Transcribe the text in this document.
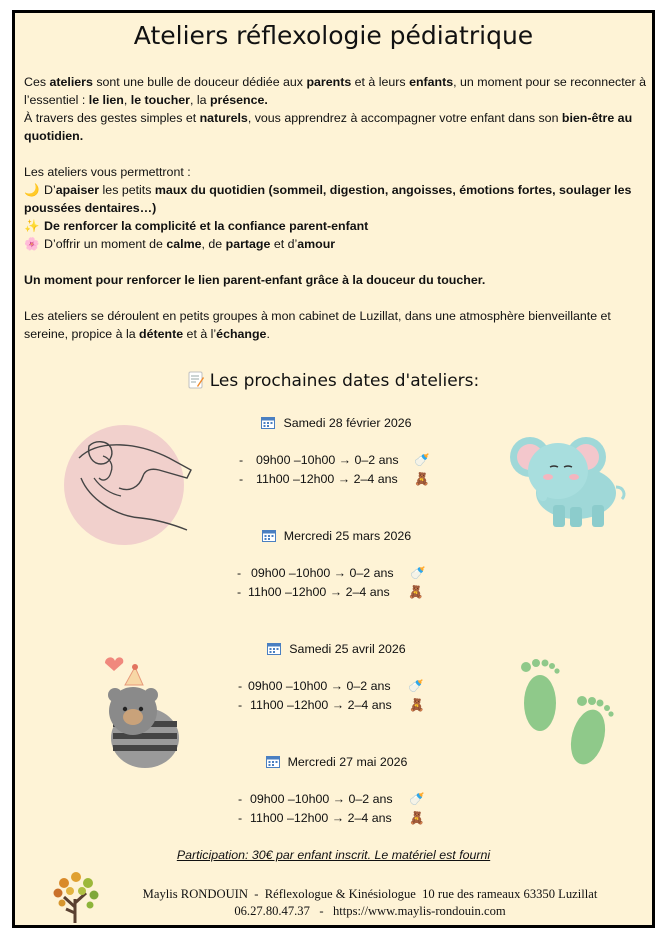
Ateliers réflexologie pédiatrique

Ces ateliers sont une bulle de douceur dédiée aux parents et à leurs enfants, un moment pour se reconnecter à l’essentiel : le lien, le toucher, la présence.

À travers des gestes simples et naturels, vous apprendrez à accompagner votre enfant dans son bien-être au quotidien.

Les ateliers vous permettront :

🌙 D’apaiser les petits maux du quotidien (sommeil, digestion, angoisses, émotions fortes, soulager les poussées dentaires…)

✨ De renforcer la complicité et la confiance parent-enfant

🌸 D’offrir un moment de calme, de partage et d’amour

Un moment pour renforcer le lien parent-enfant grâce à la douceur du toucher.

Les ateliers se déroulent en petits groupes à mon cabinet de Luzillat, dans une atmosphère bienveillante et sereine, propice à la détente et à l’échange.

Les prochaines dates d'ateliers:
Samedi 28 février 2026
- 09h00 –10h00 → 0–2 ans 🍼
- 11h00 –12h00 → 2–4 ans 🧸
Mercredi 25 mars 2026
- 09h00 –10h00 → 0–2 ans 🍼
- 11h00 –12h00 → 2–4 ans 🧸
Samedi 25 avril 2026
- 09h00 –10h00 → 0–2 ans 🍼
- 11h00 –12h00 → 2–4 ans 🧸
Mercredi 27 mai 2026
- 09h00 –10h00 → 0–2 ans 🍼
- 11h00 –12h00 → 2–4 ans 🧸
Participation: 30€ par enfant inscrit. Le matériel est fourni
Maylis RONDOUIN  -  Réflexologue & Kinésiologue  10 rue des rameaux 63350 Luzillat
06.27.80.47.37   -   https://www.maylis-rondouin.com
